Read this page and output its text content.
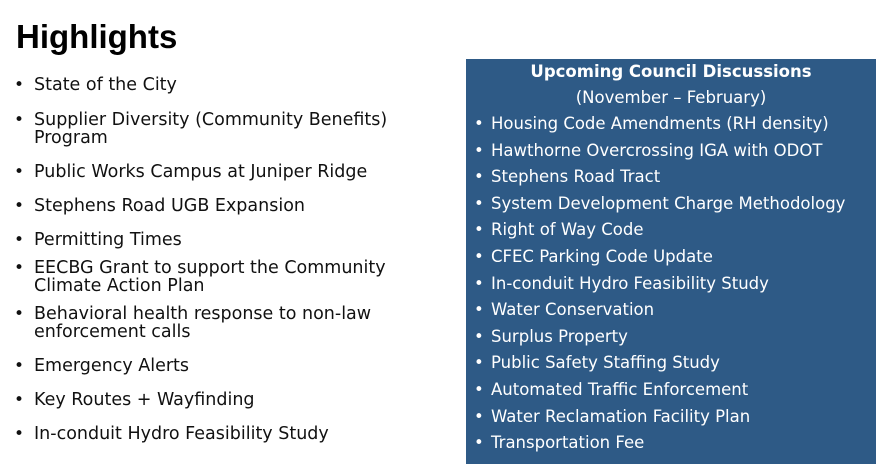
Highlights
• State of the City
• Supplier Diversity (Community Benefits) Program
• Public Works Campus at Juniper Ridge
• Stephens Road UGB Expansion
• Permitting Times
• EECBG Grant to support the Community Climate Action Plan
• Behavioral health response to non-law enforcement calls
• Emergency Alerts
• Key Routes + Wayfinding
• In-conduit Hydro Feasibility Study
Upcoming Council Discussions
(November – February)
• Housing Code Amendments (RH density)
• Hawthorne Overcrossing IGA with ODOT
• Stephens Road Tract
• System Development Charge Methodology
• Right of Way Code
• CFEC Parking Code Update
• In-conduit Hydro Feasibility Study
• Water Conservation
• Surplus Property
• Public Safety Staffing Study
• Automated Traffic Enforcement
• Water Reclamation Facility Plan
• Transportation Fee
